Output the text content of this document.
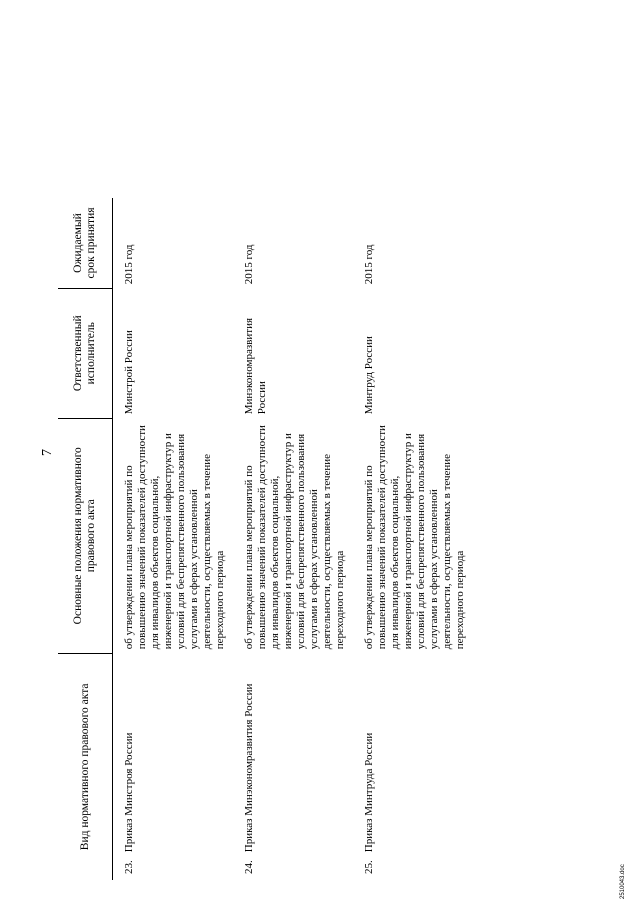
7
Вид нормативного правового акта		Основные положения нормативного правового акта	Ответственный исполнитель	Ожидаемый срок принятия
23.	Приказ Минстроя России	об утверждении плана мероприятий по повышению значений показателей доступности для инвалидов объектов социальной, инженерной и транспортной инфраструктур и условий для беспрепятственного пользования услугами в сферах установленной деятельности, осуществляемых в течение переходного периода	Минстрой России	2015 год
24.	Приказ Минэкономразвития России	об утверждении плана мероприятий по повышению значений показателей доступности для инвалидов объектов социальной, инженерной и транспортной инфраструктур и условий для беспрепятственного пользования услугами в сферах установленной деятельности, осуществляемых в течение переходного периода	Минэкономразвития России	2015 год
25.	Приказ Минтруда России	об утверждении плана мероприятий по повышению значений показателей доступности для инвалидов объектов социальной, инженерной и транспортной инфраструктур и условий для беспрепятственного пользования услугами в сферах установленной деятельности, осуществляемых в течение переходного периода	Минтруд России	2015 год
2510043.doc
